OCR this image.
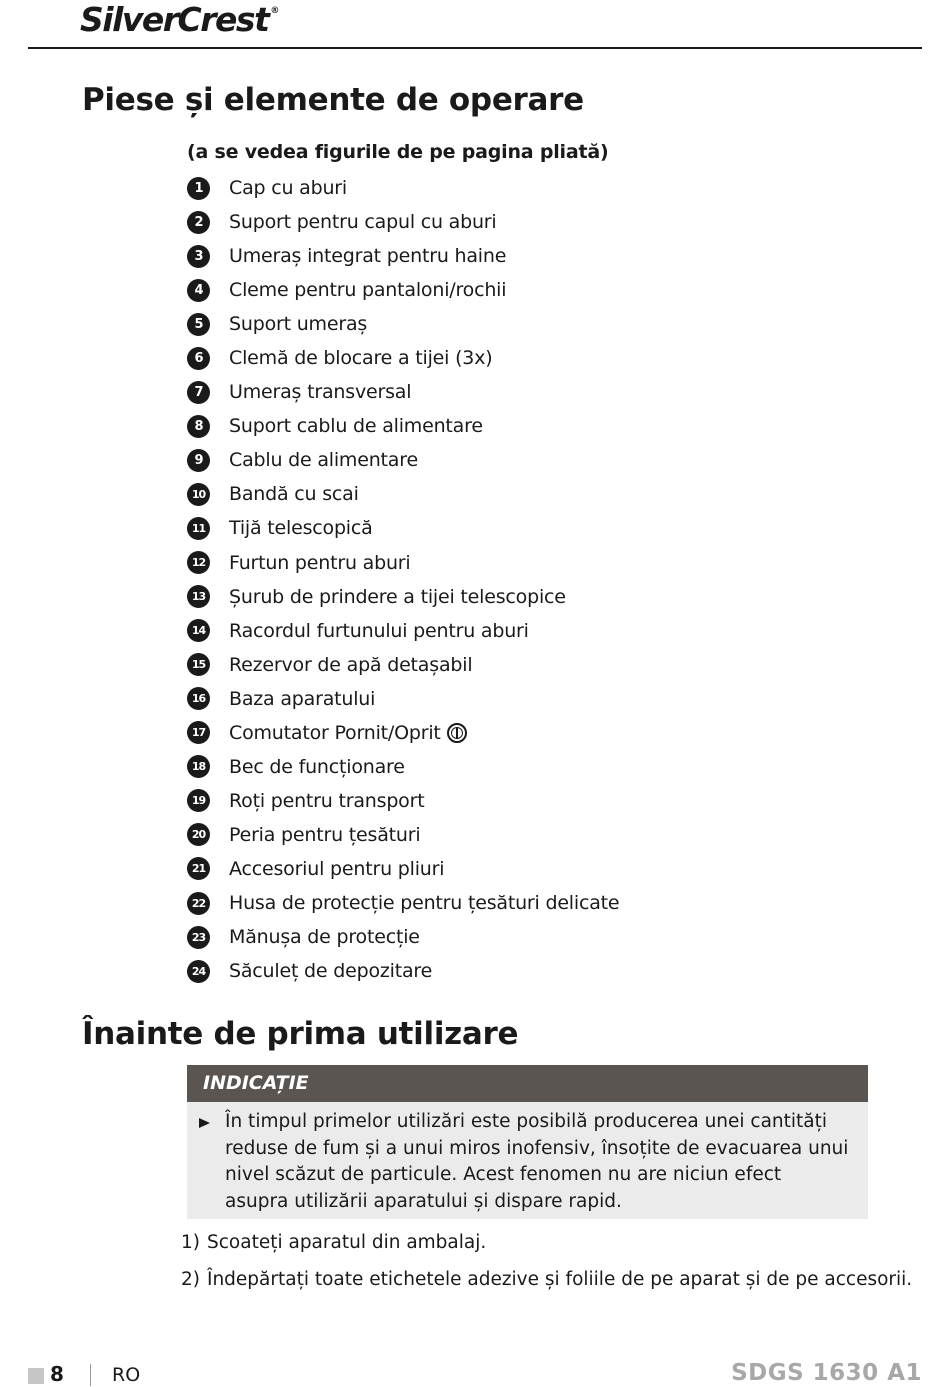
SilverCrest ®
Piese și elemente de operare
(a se vedea figurile de pe pagina pliată)
1	Cap cu aburi
2	Suport pentru capul cu aburi
3	Umeraș integrat pentru haine
4	Cleme pentru pantaloni/rochii
5	Suport umeraș
6	Clemă de blocare a tijei (3x)
7	Umeraș transversal
8	Suport cablu de alimentare
9	Cablu de alimentare
10 Bandă cu scai
11 Tijă telescopică
12 Furtun pentru aburi
13 Șurub de prindere a tijei telescopice
14 Racordul furtunului pentru aburi
15 Rezervor de apă detașabil
16 Baza aparatului
17 Comutator Pornit/Oprit
18 Bec de funcționare
19 Roți pentru transport
20 Peria pentru țesături
21 Accesoriul pentru pliuri
22 Husa de protecție pentru țesături delicate
23 Mănușa de protecție
24 Săculeț de depozitare
Înainte de prima utilizare
INDICAȚIE
În timpul primelor utilizări este posibilă producerea unei cantități reduse de fum și a unui miros inofensiv, însoțite de evacuarea unui nivel scăzut de particule. Acest fenomen nu are niciun efect asupra utilizării aparatului și dispare rapid.
1) Scoateți aparatul din ambalaj.
2) Îndepărtați toate etichetele adezive și foliile de pe aparat și de pe accesorii.
8	RO	SDGS 1630 A1
